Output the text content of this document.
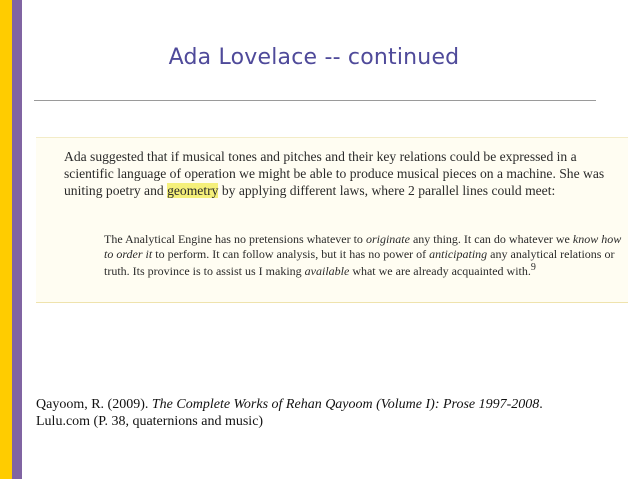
Ada Lovelace -- continued
Ada suggested that if musical tones and pitches and their key relations could be expressed in a scientific language of operation we might be able to produce musical pieces on a machine. She was uniting poetry and geometry by applying different laws, where 2 parallel lines could meet:
The Analytical Engine has no pretensions whatever to originate any thing. It can do whatever we know how to order it to perform. It can follow analysis, but it has no power of anticipating any analytical relations or truth. Its province is to assist us I making available what we are already acquainted with.$^9$
Qayoom, R. (2009). The Complete Works of Rehan Qayoom (Volume I): Prose 1997-2008. Lulu.com (P. 38, quaternions and music)
